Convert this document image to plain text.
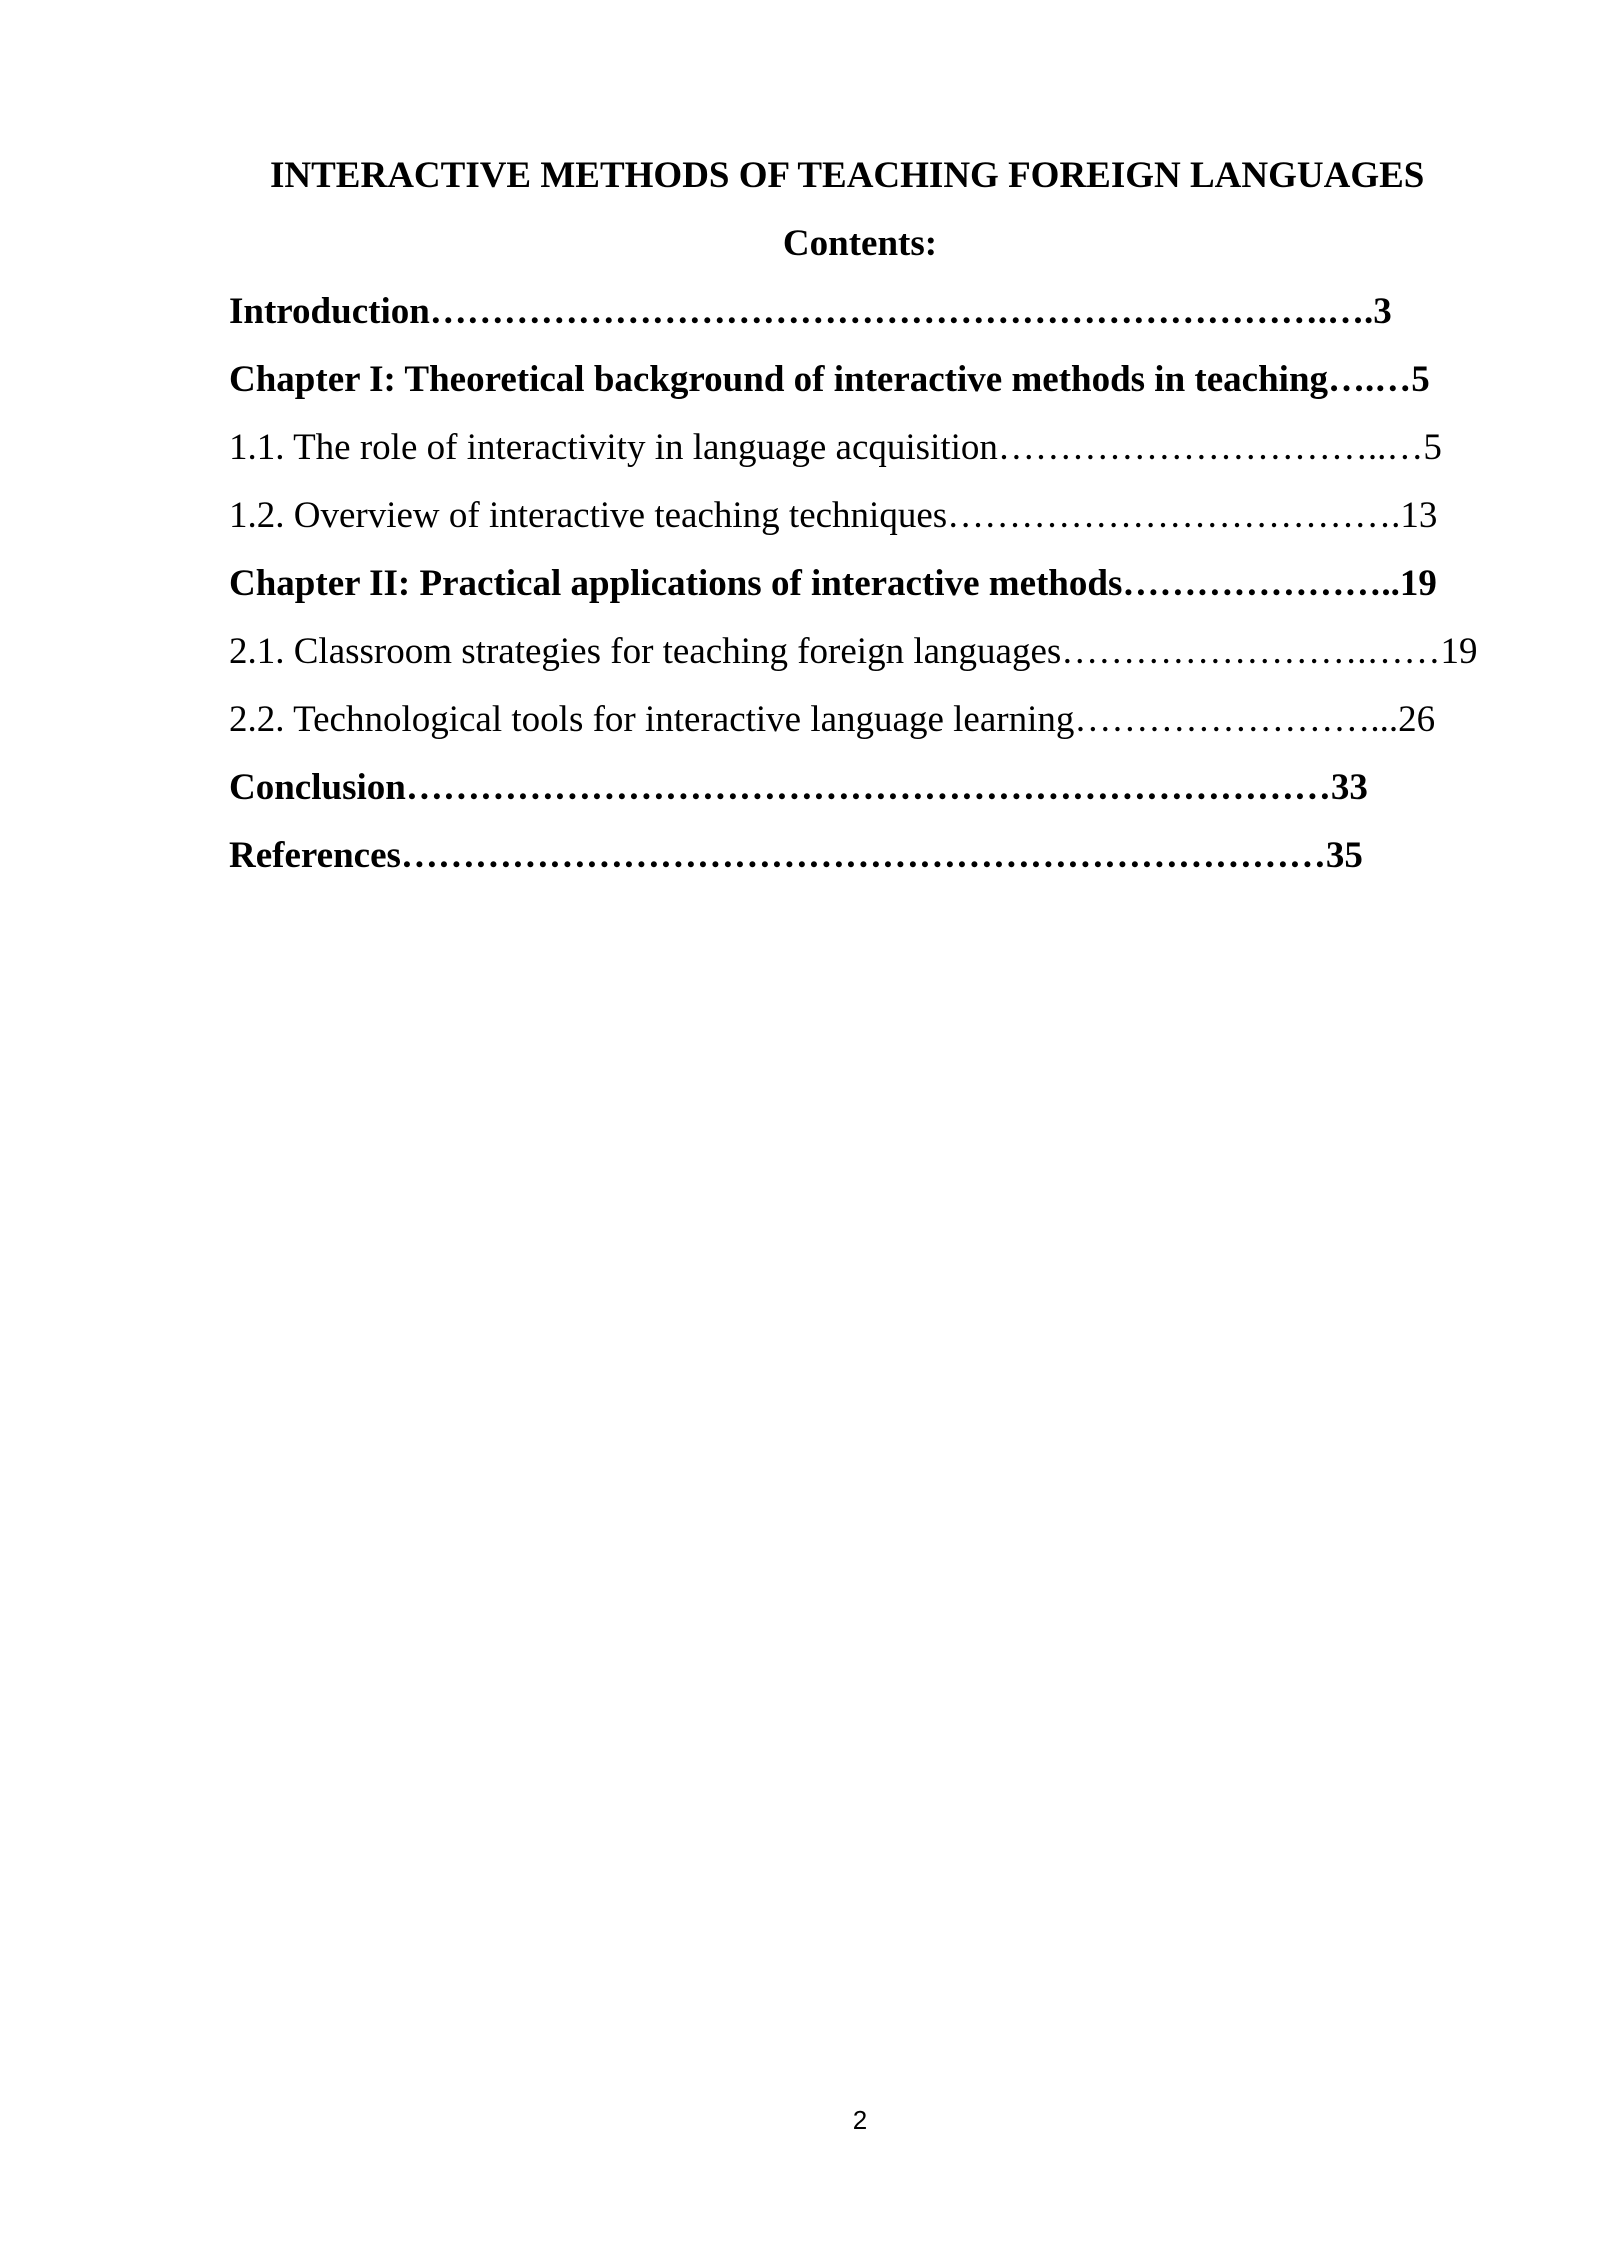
INTERACTIVE METHODS OF TEACHING FOREIGN LANGUAGES
Contents:
Introduction……………………………………………………………….….3
Chapter I: Theoretical background of interactive methods in teaching….…5
1.1. The role of interactivity in language acquisition…………………………..…5
1.2. Overview of interactive teaching techniques……………………………….13
Chapter II: Practical applications of interactive methods…………………..19
2.1. Classroom strategies for teaching foreign languages…………………….……19
2.2. Technological tools for interactive language learning……………………...26
Conclusion…………………………………………………………………33
References…………………………………………………………………35
2
